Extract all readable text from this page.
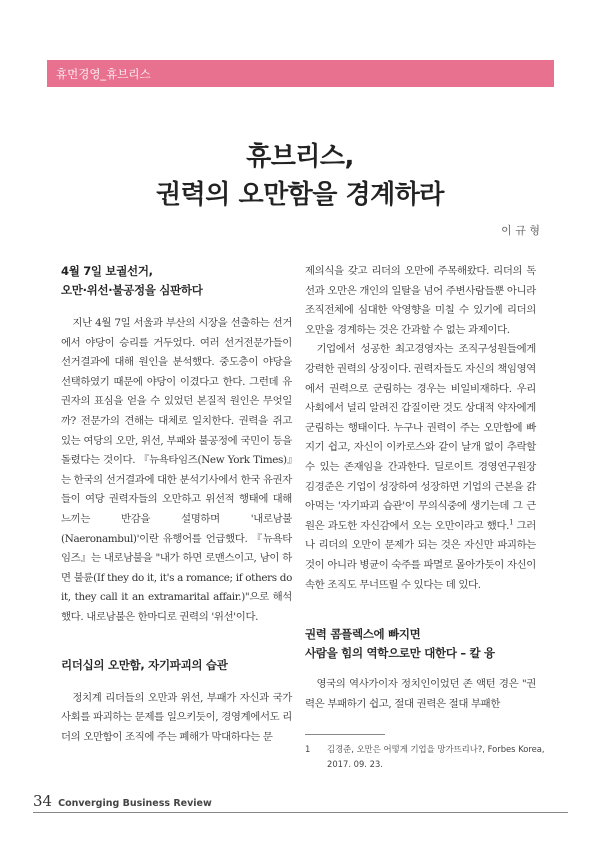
휴먼경영_휴브리스
휴브리스,
권력의 오만함을 경계하라
이 규 형
4월 7일 보궐선거,
오만·위선·불공정을 심판하다

지난 4월 7일 서울과 부산의 시장을 선출하는 선거에서 야당이 승리를 거두었다. 여러 선거전문가들이 선거결과에 대해 원인을 분석했다. 중도층이 야당을 선택하였기 때문에 야당이 이겼다고 한다. 그런데 유권자의 표심을 얻을 수 있었던 본질적 원인은 무엇일까? 전문가의 견해는 대체로 일치한다. 권력을 쥐고 있는 여당의 오만, 위선, 부패와 불공정에 국민이 등을 돌렸다는 것이다. 『뉴욕타임즈(New York Times)』는 한국의 선거결과에 대한 분석기사에서 한국 유권자들이 여당 권력자들의 오만하고 위선적 행태에 대해 느끼는 반감을 설명하며 '내로남불(Naeronambul)'이란 유행어를 언급했다. 『뉴욕타임즈』는 내로남불을 "내가 하면 로맨스이고, 남이 하면 불륜(If they do it, it's a romance; if others do it, they call it an extramarital affair.)"으로 해석했다. 내로남불은 한마디로 권력의 '위선'이다.

리더십의 오만함, 자기파괴의 습관

정치계 리더들의 오만과 위선, 부패가 자신과 국가사회를 파괴하는 문제를 일으키듯이, 경영계에서도 리더의 오만함이 조직에 주는 폐해가 막대하다는 문

제의식을 갖고 리더의 오만에 주목해왔다. 리더의 독선과 오만은 개인의 일탈을 넘어 주변사람들뿐 아니라 조직전체에 심대한 악영향을 미칠 수 있기에 리더의 오만을 경계하는 것은 간과할 수 없는 과제이다.

기업에서 성공한 최고경영자는 조직구성원들에게 강력한 권력의 상징이다. 권력자들도 자신의 책임영역에서 권력으로 군림하는 경우는 비일비재하다. 우리 사회에서 널리 알려진 갑질이란 것도 상대적 약자에게 군림하는 행태이다. 누구나 권력이 주는 오만함에 빠지기 쉽고, 자신이 이카로스와 같이 날개 없이 추락할 수 있는 존재임을 간과한다. 딜로이트 경영연구원장 김경준은 기업이 성장하여 성장하면 기업의 근본을 갉아먹는 '자기파괴 습관'이 무의식중에 생기는데 그 근원은 과도한 자신감에서 오는 오만이라고 했다.$^1$ 그러나 리더의 오만이 문제가 되는 것은 자신만 파괴하는 것이 아니라 병균이 숙주를 파멸로 몰아가듯이 자신이 속한 조직도 무너뜨릴 수 있다는 데 있다.

권력 콤플렉스에 빠지면
사람을 힘의 역학으로만 대한다 – 칼 융

영국의 역사가이자 정치인이었던 존 액턴 경은 "권력은 부패하기 쉽고, 절대 권력은 절대 부패한

1	김경준, 오만은 어떻게 기업을 망가뜨리나?, Forbes Korea, 2017. 09. 23.
34 Converging Business Review
